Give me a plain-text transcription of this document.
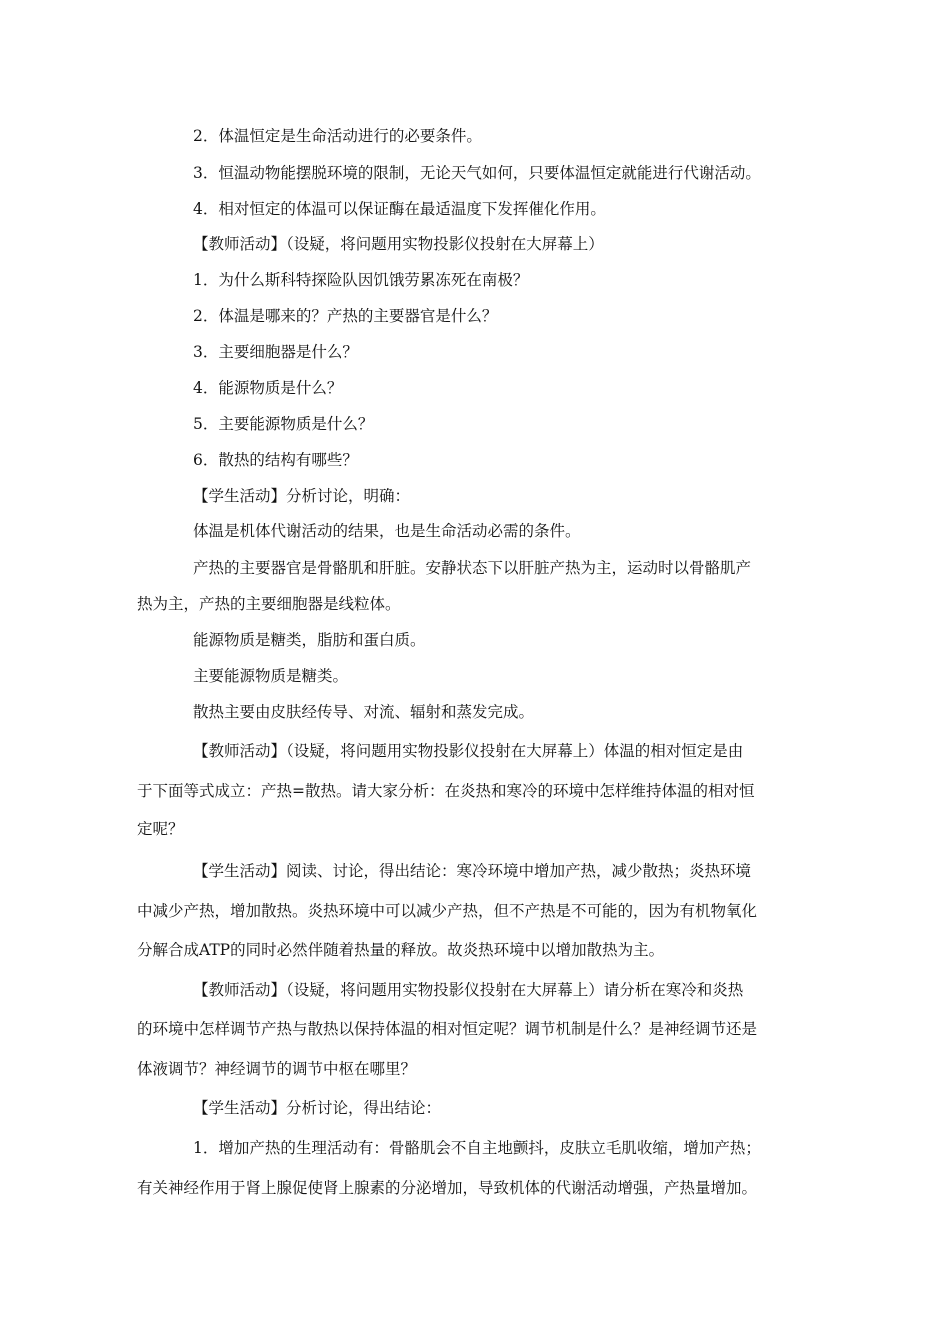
2．体温恒定是生命活动进行的必要条件。

3．恒温动物能摆脱环境的限制，无论天气如何，只要体温恒定就能进行代谢活动。

4．相对恒定的体温可以保证酶在最适温度下发挥催化作用。

【教师活动】（设疑，将问题用实物投影仪投射在大屏幕上）

1．为什么斯科特探险队因饥饿劳累冻死在南极？

2．体温是哪来的？产热的主要器官是什么？

3．主要细胞器是什么？

4．能源物质是什么？

5．主要能源物质是什么？

6．散热的结构有哪些？

【学生活动】分析讨论，明确：

体温是机体代谢活动的结果，也是生命活动必需的条件。

产热的主要器官是骨骼肌和肝脏。安静状态下以肝脏产热为主，运动时以骨骼肌产

热为主，产热的主要细胞器是线粒体。

能源物质是糖类，脂肪和蛋白质。

主要能源物质是糖类。

散热主要由皮肤经传导、对流、辐射和蒸发完成。

【教师活动】（设疑，将问题用实物投影仪投射在大屏幕上）体温的相对恒定是由

于下面等式成立：产热=散热。请大家分析：在炎热和寒冷的环境中怎样维持体温的相对恒

定呢？

【学生活动】阅读、讨论，得出结论：寒冷环境中增加产热，减少散热；炎热环境

中减少产热，增加散热。炎热环境中可以减少产热，但不产热是不可能的，因为有机物氧化

分解合成ATP的同时必然伴随着热量的释放。故炎热环境中以增加散热为主。

【教师活动】（设疑，将问题用实物投影仪投射在大屏幕上）请分析在寒冷和炎热

的环境中怎样调节产热与散热以保持体温的相对恒定呢？调节机制是什么？是神经调节还是

体液调节？神经调节的调节中枢在哪里？

【学生活动】分析讨论，得出结论：

1．增加产热的生理活动有：骨骼肌会不自主地颤抖，皮肤立毛肌收缩，增加产热；

有关神经作用于肾上腺促使肾上腺素的分泌增加，导致机体的代谢活动增强，产热量增加。
